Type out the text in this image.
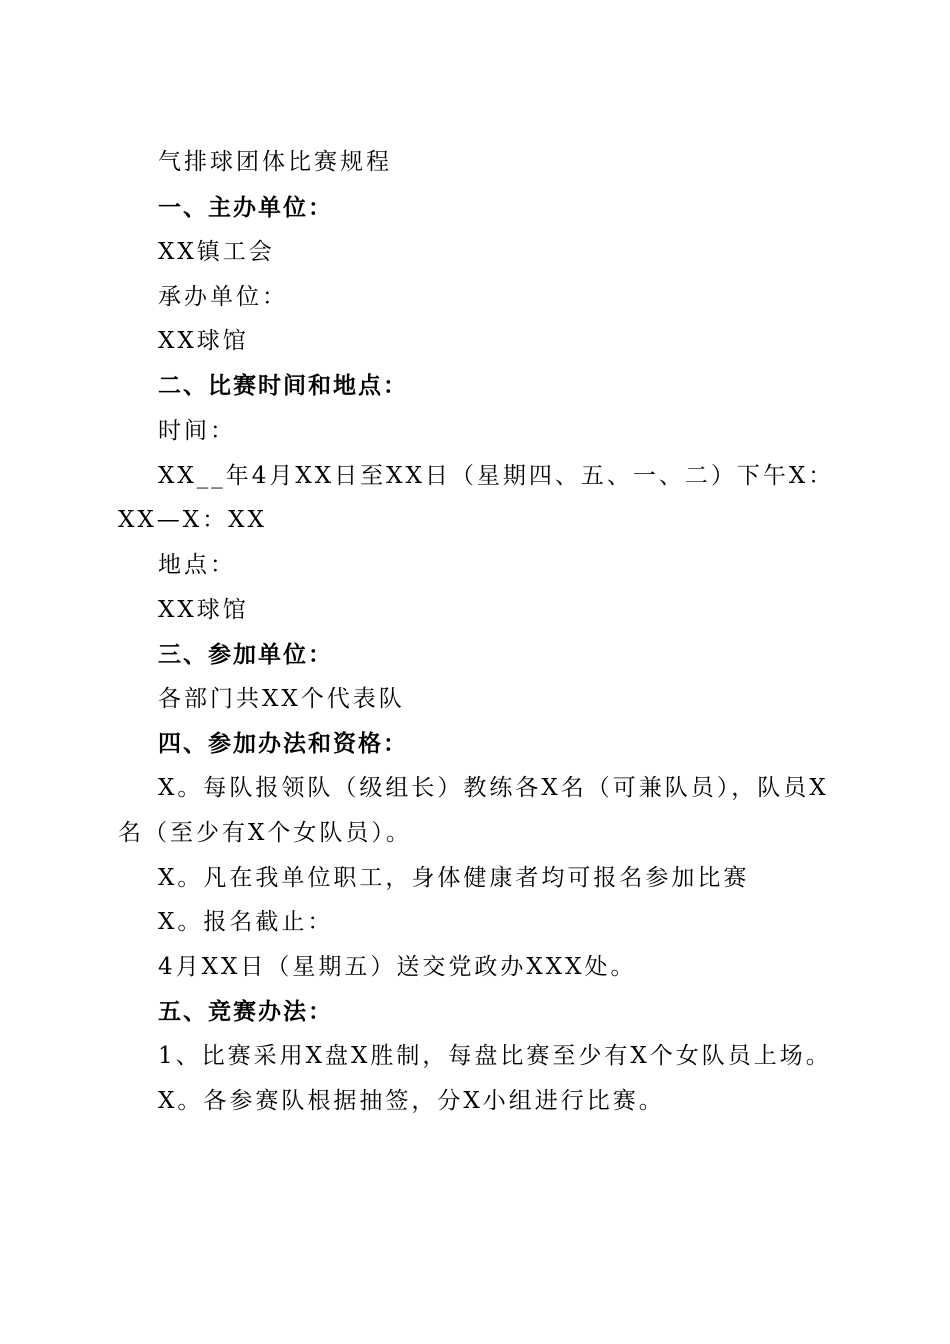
气排球团体比赛规程
一、主办单位：
XX镇工会
承办单位：
XX球馆
二、比赛时间和地点：
时间：
XX__年4月XX日至XX日（星期四、五、一、二）下午X：
XX—X：XX
地点：
XX球馆
三、参加单位：
各部门共XX个代表队
四、参加办法和资格：
X。每队报领队（级组长）教练各X名（可兼队员），队员X
名（至少有X个女队员）。
X。凡在我单位职工，身体健康者均可报名参加比赛
X。报名截止：
4月XX日（星期五）送交党政办XXX处。
五、竞赛办法：
1、比赛采用X盘X胜制，每盘比赛至少有X个女队员上场。
X。各参赛队根据抽签，分X小组进行比赛。
